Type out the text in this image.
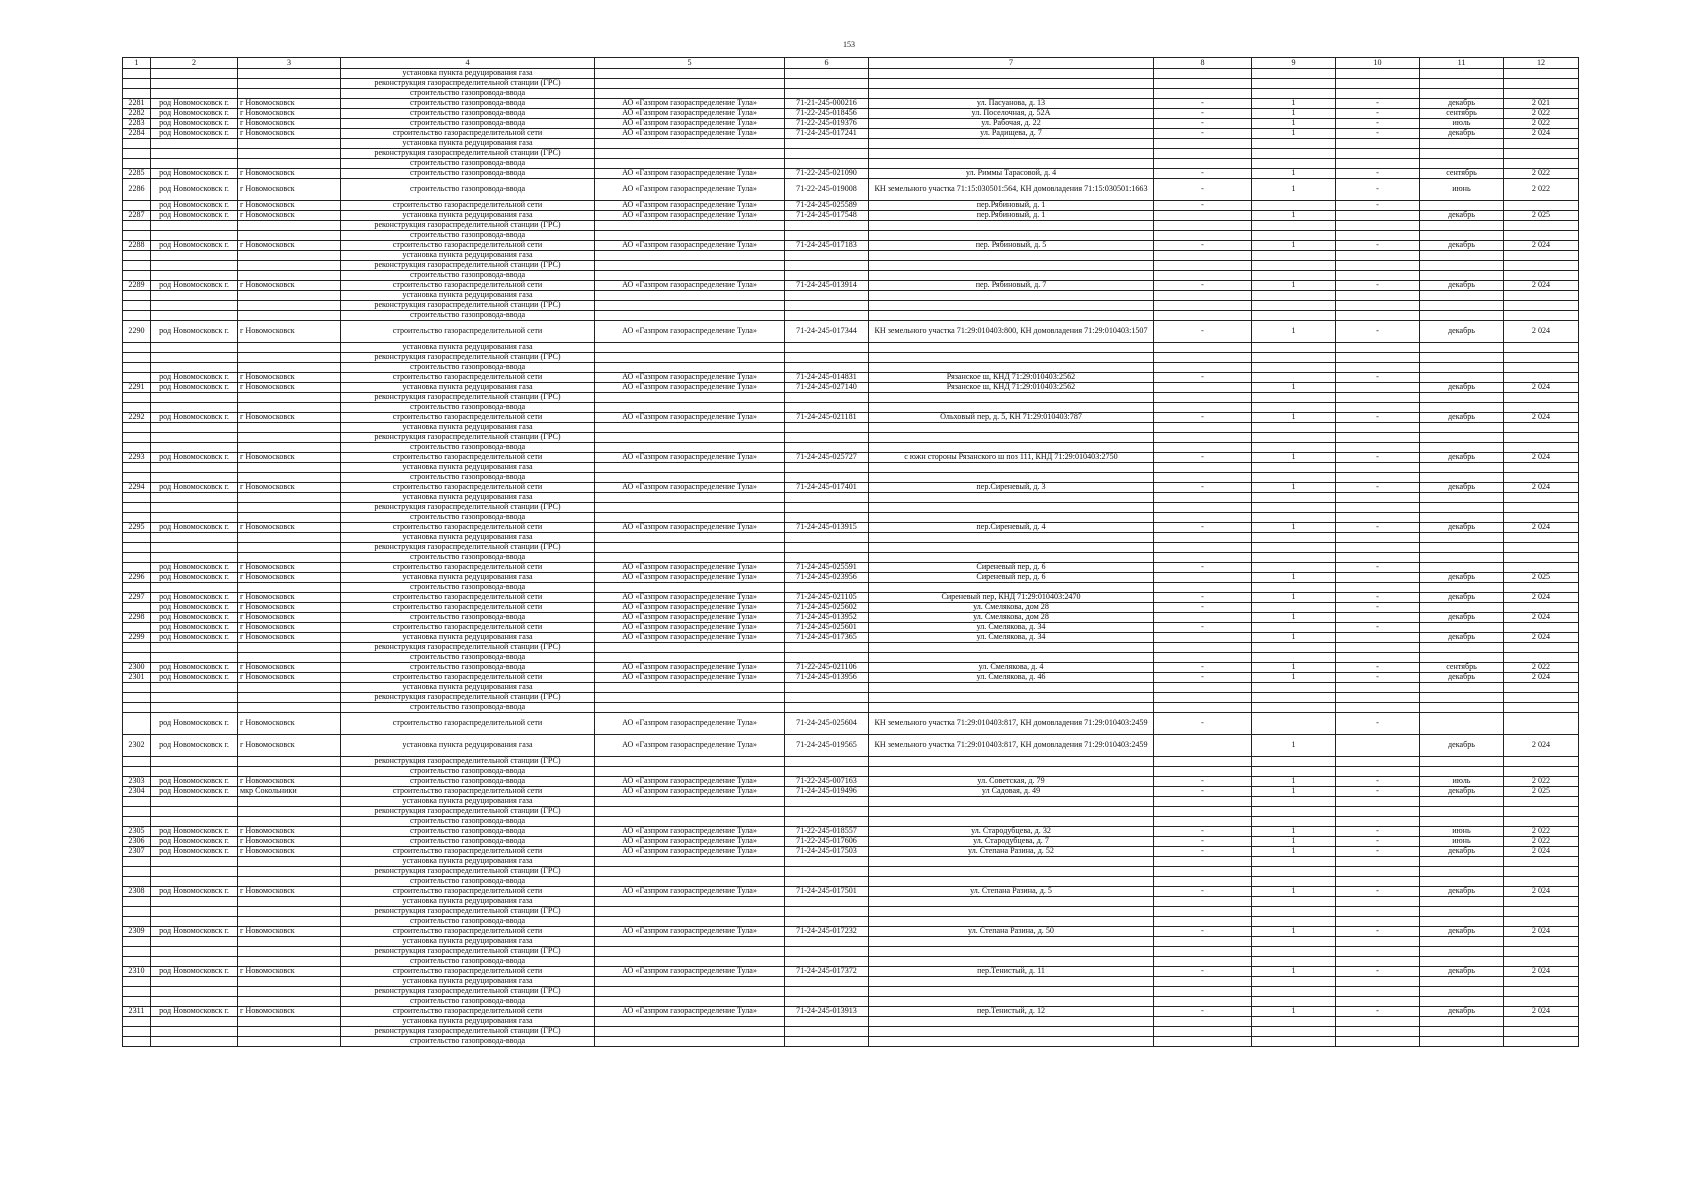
153
1	2	3	4	5	6	7	8	9	10	11	12
			установка пункта редуцирования газа								
			реконструкция газораспределительной станции (ГРС)								
			строительство газопровода-ввода								
2281	род Новомосковск г.	г Новомосковск	строительство газопровода-ввода	АО «Газпром газораспределение Тула»	71-21-245-000216	ул. Пасуанова, д. 13	-	1	-	декабрь	2 021
2282	род Новомосковск г.	г Новомосковск	строительство газопровода-ввода	АО «Газпром газораспределение Тула»	71-22-245-018456	ул. Поселочная, д. 52А	-	1	-	сентябрь	2 022
2283	род Новомосковск г.	г Новомосковск	строительство газопровода-ввода	АО «Газпром газораспределение Тула»	71-22-245-019376	ул. Рабочая, д. 22	-	1	-	июль	2 022
2284	род Новомосковск г.	г Новомосковск	строительство газораспределительной сети	АО «Газпром газораспределение Тула»	71-24-245-017241	ул. Радищева, д. 7	-	1	-	декабрь	2 024
			установка пункта редуцирования газа								
			реконструкция газораспределительной станции (ГРС)								
			строительство газопровода-ввода								
2285	род Новомосковск г.	г Новомосковск	строительство газопровода-ввода	АО «Газпром газораспределение Тула»	71-22-245-021090	ул. Риммы Тарасовой, д. 4	-	1	-	сентябрь	2 022
2286	род Новомосковск г.	г Новомосковск	строительство газопровода-ввода	АО «Газпром газораспределение Тула»	71-22-245-019008	КН земельного участка 71:15:030501:564, КН домовладения 71:15:030501:1663	-	1	-	июнь	2 022
	род Новомосковск г.	г Новомосковск	строительство газораспределительной сети	АО «Газпром газораспределение Тула»	71-24-245-025589	пер.Рябиновый, д. 1	-		-		
2287	род Новомосковск г.	г Новомосковск	установка пункта редуцирования газа	АО «Газпром газораспределение Тула»	71-24-245-017548	пер.Рябиновый, д. 1		1		декабрь	2 025
			реконструкция газораспределительной станции (ГРС)								
			строительство газопровода-ввода								
2288	род Новомосковск г.	г Новомосковск	строительство газораспределительной сети	АО «Газпром газораспределение Тула»	71-24-245-017183	пер. Рябиновый, д. 5	-	1	-	декабрь	2 024
			установка пункта редуцирования газа								
			реконструкция газораспределительной станции (ГРС)								
			строительство газопровода-ввода								
2289	род Новомосковск г.	г Новомосковск	строительство газораспределительной сети	АО «Газпром газораспределение Тула»	71-24-245-013914	пер. Рябиновый, д. 7	-	1	-	декабрь	2 024
			установка пункта редуцирования газа								
			реконструкция газораспределительной станции (ГРС)								
			строительство газопровода-ввода								
2290	род Новомосковск г.	г Новомосковск	строительство газораспределительной сети	АО «Газпром газораспределение Тула»	71-24-245-017344	КН земельного участка 71:29:010403:800, КН домовладения 71:29:010403:1507	-	1	-	декабрь	2 024
			установка пункта редуцирования газа								
			реконструкция газораспределительной станции (ГРС)								
			строительство газопровода-ввода								
	род Новомосковск г.	г Новомосковск	строительство газораспределительной сети	АО «Газпром газораспределение Тула»	71-24-245-014831	Рязанское ш, КНД 71:29:010403:2562	-		-		
2291	род Новомосковск г.	г Новомосковск	установка пункта редуцирования газа	АО «Газпром газораспределение Тула»	71-24-245-027140	Рязанское ш, КНД 71:29:010403:2562		1		декабрь	2 024
			реконструкция газораспределительной станции (ГРС)								
			строительство газопровода-ввода								
2292	род Новомосковск г.	г Новомосковск	строительство газораспределительной сети	АО «Газпром газораспределение Тула»	71-24-245-021181	Ольховый пер, д. 5, КН 71:29:010403:787	-	1	-	декабрь	2 024
			установка пункта редуцирования газа								
			реконструкция газораспределительной станции (ГРС)								
			строительство газопровода-ввода								
2293	род Новомосковск г.	г Новомосковск	строительство газораспределительной сети	АО «Газпром газораспределение Тула»	71-24-245-025727	с южн стороны Рязанского ш поз 111, КНД 71:29:010403:2750	-	1	-	декабрь	2 024
			установка пункта редуцирования газа								
			строительство газопровода-ввода								
2294	род Новомосковск г.	г Новомосковск	строительство газораспределительной сети	АО «Газпром газораспределение Тула»	71-24-245-017401	пер.Сиреневый, д. 3	-	1	-	декабрь	2 024
			установка пункта редуцирования газа								
			реконструкция газораспределительной станции (ГРС)								
			строительство газопровода-ввода								
2295	род Новомосковск г.	г Новомосковск	строительство газораспределительной сети	АО «Газпром газораспределение Тула»	71-24-245-013915	пер.Сиреневый, д. 4	-	1	-	декабрь	2 024
			установка пункта редуцирования газа								
			реконструкция газораспределительной станции (ГРС)								
			строительство газопровода-ввода								
	род Новомосковск г.	г Новомосковск	строительство газораспределительной сети	АО «Газпром газораспределение Тула»	71-24-245-025591	Сиреневый пер, д. 6	-		-		
2296	род Новомосковск г.	г Новомосковск	установка пункта редуцирования газа	АО «Газпром газораспределение Тула»	71-24-245-023956	Сиреневый пер, д. 6		1		декабрь	2 025
			строительство газопровода-ввода								
2297	род Новомосковск г.	г Новомосковск	строительство газораспределительной сети	АО «Газпром газораспределение Тула»	71-24-245-021105	Сиреневый пер, КНД 71:29:010403:2470	-	1	-	декабрь	2 024
	род Новомосковск г.	г Новомосковск	строительство газораспределительной сети	АО «Газпром газораспределение Тула»	71-24-245-025602	ул. Смелякова, дом 28	-		-		
2298	род Новомосковск г.	г Новомосковск	строительство газопровода-ввода	АО «Газпром газораспределение Тула»	71-24-245-013952	ул. Смелякова, дом 28		1		декабрь	2 024
	род Новомосковск г.	г Новомосковск	строительство газораспределительной сети	АО «Газпром газораспределение Тула»	71-24-245-025601	ул. Смелякова, д. 34	-		-		
2299	род Новомосковск г.	г Новомосковск	установка пункта редуцирования газа	АО «Газпром газораспределение Тула»	71-24-245-017365	ул. Смелякова, д. 34		1		декабрь	2 024
			реконструкция газораспределительной станции (ГРС)								
			строительство газопровода-ввода								
2300	род Новомосковск г.	г Новомосковск	строительство газопровода-ввода	АО «Газпром газораспределение Тула»	71-22-245-021106	ул. Смелякова, д. 4	-	1	-	сентябрь	2 022
2301	род Новомосковск г.	г Новомосковск	строительство газораспределительной сети	АО «Газпром газораспределение Тула»	71-24-245-013956	ул. Смелякова, д. 46	-	1	-	декабрь	2 024
			установка пункта редуцирования газа								
			реконструкция газораспределительной станции (ГРС)								
			строительство газопровода-ввода								
	род Новомосковск г.	г Новомосковск	строительство газораспределительной сети	АО «Газпром газораспределение Тула»	71-24-245-025604	КН земельного участка 71:29:010403:817, КН домовладения 71:29:010403:2459	-		-		
2302	род Новомосковск г.	г Новомосковск	установка пункта редуцирования газа	АО «Газпром газораспределение Тула»	71-24-245-019565	КН земельного участка 71:29:010403:817, КН домовладения 71:29:010403:2459		1		декабрь	2 024
			реконструкция газораспределительной станции (ГРС)								
			строительство газопровода-ввода								
2303	род Новомосковск г.	г Новомосковск	строительство газопровода-ввода	АО «Газпром газораспределение Тула»	71-22-245-007163	ул. Советская, д. 79	-	1	-	июль	2 022
2304	род Новомосковск г.	мкр Сокольники	строительство газораспределительной сети	АО «Газпром газораспределение Тула»	71-24-245-019496	ул Садовая, д. 49	-	1	-	декабрь	2 025
			установка пункта редуцирования газа								
			реконструкция газораспределительной станции (ГРС)								
			строительство газопровода-ввода								
2305	род Новомосковск г.	г Новомосковск	строительство газопровода-ввода	АО «Газпром газораспределение Тула»	71-22-245-018557	ул. Стародубцева, д. 32	-	1	-	июнь	2 022
2306	род Новомосковск г.	г Новомосковск	строительство газопровода-ввода	АО «Газпром газораспределение Тула»	71-22-245-017606	ул. Стародубцева, д. 7	-	1	-	июнь	2 022
2307	род Новомосковск г.	г Новомосковск	строительство газораспределительной сети	АО «Газпром газораспределение Тула»	71-24-245-017503	ул. Степана Разина, д. 52	-	1	-	декабрь	2 024
			установка пункта редуцирования газа								
			реконструкция газораспределительной станции (ГРС)								
			строительство газопровода-ввода								
2308	род Новомосковск г.	г Новомосковск	строительство газораспределительной сети	АО «Газпром газораспределение Тула»	71-24-245-017501	ул. Степана Разина, д. 5	-	1	-	декабрь	2 024
			установка пункта редуцирования газа								
			реконструкция газораспределительной станции (ГРС)								
			строительство газопровода-ввода								
2309	род Новомосковск г.	г Новомосковск	строительство газораспределительной сети	АО «Газпром газораспределение Тула»	71-24-245-017232	ул. Степана Разина, д. 50	-	1	-	декабрь	2 024
			установка пункта редуцирования газа								
			реконструкция газораспределительной станции (ГРС)								
			строительство газопровода-ввода								
2310	род Новомосковск г.	г Новомосковск	строительство газораспределительной сети	АО «Газпром газораспределение Тула»	71-24-245-017372	пер.Тенистый, д. 11	-	1	-	декабрь	2 024
			установка пункта редуцирования газа								
			реконструкция газораспределительной станции (ГРС)								
			строительство газопровода-ввода								
2311	род Новомосковск г.	г Новомосковск	строительство газораспределительной сети	АО «Газпром газораспределение Тула»	71-24-245-013913	пер.Тенистый, д. 12	-	1	-	декабрь	2 024
			установка пункта редуцирования газа								
			реконструкция газораспределительной станции (ГРС)								
			строительство газопровода-ввода								
